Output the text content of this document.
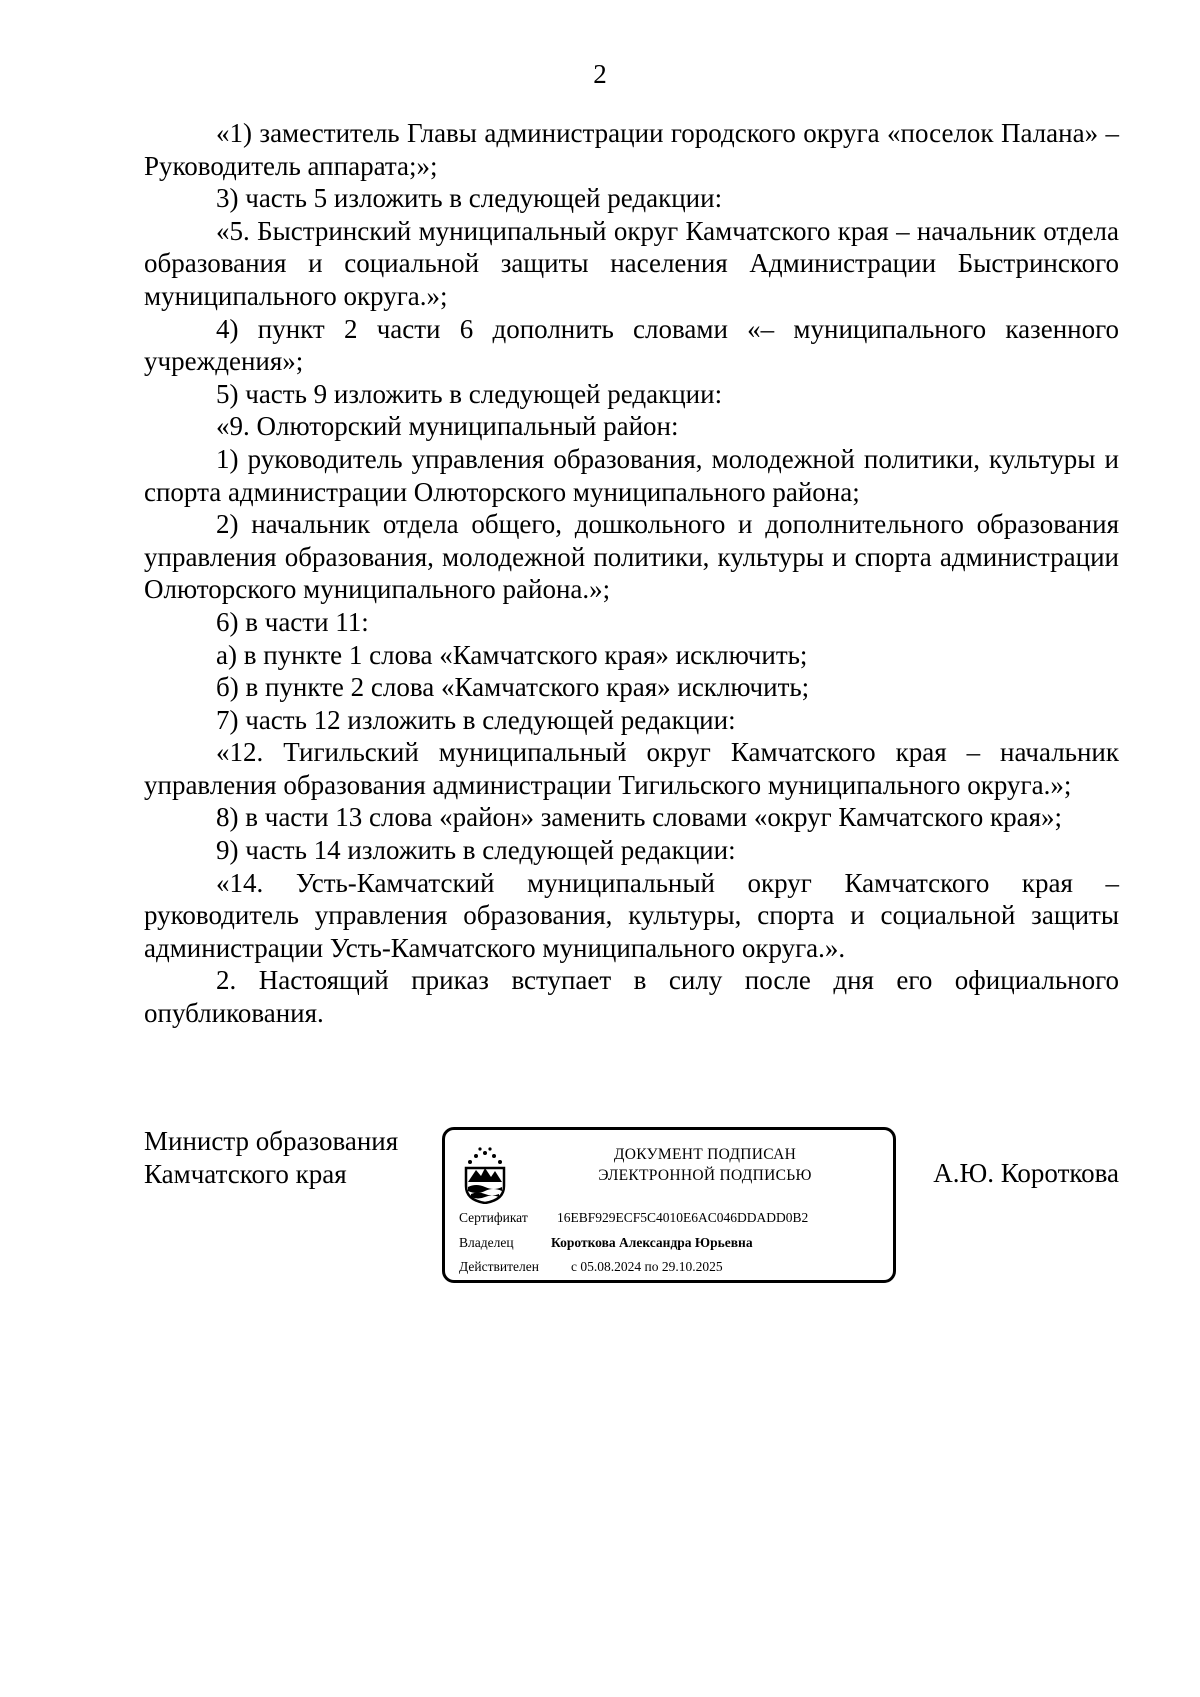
2

«1) заместитель Главы администрации городского округа «поселок Палана» – Руководитель аппарата;»;

3) часть 5 изложить в следующей редакции:

«5. Быстринский муниципальный округ Камчатского края – начальник отдела образования и социальной защиты населения Администрации Быстринского муниципального округа.»;

4) пункт 2 части 6 дополнить словами «– муниципального казенного учреждения»;

5) часть 9 изложить в следующей редакции:

«9. Олюторский муниципальный район:

1) руководитель управления образования, молодежной политики, культуры и спорта администрации Олюторского муниципального района;

2) начальник отдела общего, дошкольного и дополнительного образования управления образования, молодежной политики, культуры и спорта администрации Олюторского муниципального района.»;

6) в части 11:

а) в пункте 1 слова «Камчатского края» исключить;

б) в пункте 2 слова «Камчатского края» исключить;

7) часть 12 изложить в следующей редакции:

«12. Тигильский муниципальный округ Камчатского края – начальник управления образования администрации Тигильского муниципального округа.»;

8) в части 13 слова «район» заменить словами «округ Камчатского края»;

9) часть 14 изложить в следующей редакции:

«14. Усть-Камчатский муниципальный округ Камчатского края – руководитель управления образования, культуры, спорта и социальной защиты администрации Усть-Камчатского муниципального округа.».

2. Настоящий приказ вступает в силу после дня его официального опубликования.

Министр образования
Камчатского края
ДОКУМЕНТ ПОДПИСАН
ЭЛЕКТРОННОЙ ПОДПИСЬЮ
Сертификат 16EBF929ECF5C4010E6AC046DDADD0B2
Владелец	Короткова Александра Юрьевна
Действителен с 05.08.2024 по 29.10.2025
А.Ю. Короткова
